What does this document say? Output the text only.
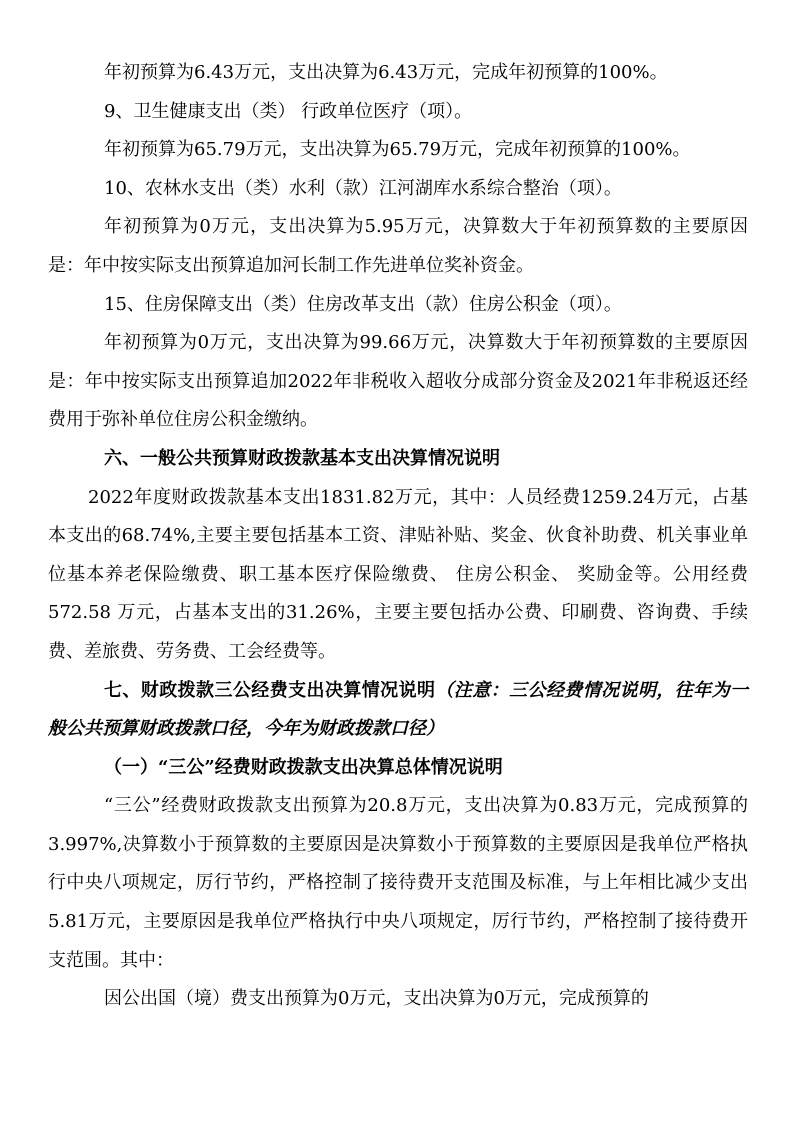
年初预算为6.43万元，支出决算为6.43万元，完成年初预算的100%。

9、卫生健康支出（类） 行政单位医疗（项）。

年初预算为65.79万元，支出决算为65.79万元，完成年初预算的100%。

10、农林水支出（类）水利（款）江河湖库水系综合整治（项）。

年初预算为0万元，支出决算为5.95万元，决算数大于年初预算数的主要原因是：年中按实际支出预算追加河长制工作先进单位奖补资金。

15、住房保障支出（类）住房改革支出（款）住房公积金（项）。

年初预算为0万元，支出决算为99.66万元，决算数大于年初预算数的主要原因是：年中按实际支出预算追加2022年非税收入超收分成部分资金及2021年非税返还经费用于弥补单位住房公积金缴纳。

六、一般公共预算财政拨款基本支出决算情况说明

2022年度财政拨款基本支出1831.82万元，其中：人员经费1259.24万元，占基本支出的68.74%,主要主要包括基本工资、津贴补贴、奖金、伙食补助费、机关事业单位基本养老保险缴费、职工基本医疗保险缴费、 住房公积金、 奖励金等。公用经费572.58 万元，占基本支出的31.26%，主要主要包括办公费、印刷费、咨询费、手续费、差旅费、劳务费、工会经费等。

七、财政拨款三公经费支出决算情况说明（注意：三公经费情况说明，往年为一般公共预算财政拨款口径，今年为财政拨款口径）

（一）“三公”经费财政拨款支出决算总体情况说明

“三公”经费财政拨款支出预算为20.8万元，支出决算为0.83万元，完成预算的3.997%,决算数小于预算数的主要原因是决算数小于预算数的主要原因是我单位严格执行中央八项规定，厉行节约，严格控制了接待费开支范围及标准，与上年相比减少支出5.81万元，主要原因是我单位严格执行中央八项规定，厉行节约，严格控制了接待费开支范围。其中：

因公出国（境）费支出预算为0万元，支出决算为0万元，完成预算的
